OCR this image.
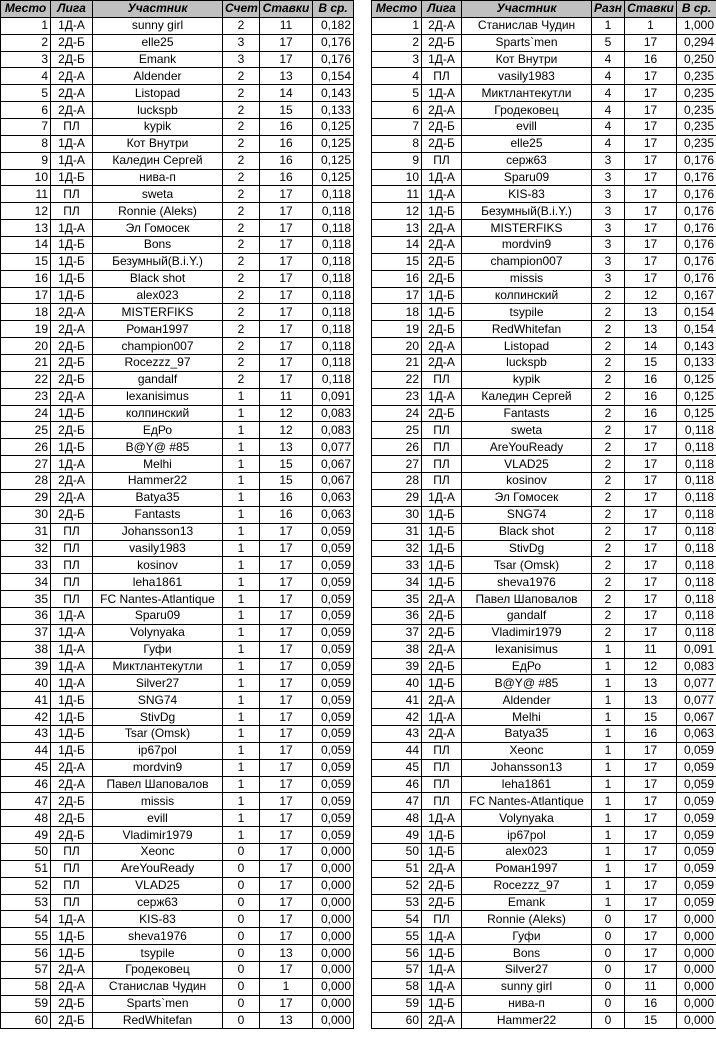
Место	Лига	Участник	Счет	Ставки	В ср.
1	1Д-А	sunny girl	2	11	0,182
2	2Д-Б	elle25	3	17	0,176
3	2Д-Б	Emank	3	17	0,176
4	2Д-А	Aldender	2	13	0,154
5	2Д-А	Listopad	2	14	0,143
6	2Д-А	luckspb	2	15	0,133
7	ПЛ	kypik	2	16	0,125
8	1Д-А	Кот Внутри	2	16	0,125
9	1Д-А	Каледин Сергей	2	16	0,125
10	1Д-Б	нива-п	2	16	0,125
11	ПЛ	sweta	2	17	0,118
12	ПЛ	Ronnie (Aleks)	2	17	0,118
13	1Д-А	Эл Гомосек	2	17	0,118
14	1Д-Б	Bons	2	17	0,118
15	1Д-Б	Безумный(B.i.Y.)	2	17	0,118
16	1Д-Б	Black shot	2	17	0,118
17	1Д-Б	alex023	2	17	0,118
18	2Д-А	MISTERFIKS	2	17	0,118
19	2Д-А	Роман1997	2	17	0,118
20	2Д-Б	champion007	2	17	0,118
21	2Д-Б	Rocezzz_97	2	17	0,118
22	2Д-Б	gandalf	2	17	0,118
23	2Д-А	lexanisimus	1	11	0,091
24	1Д-Б	колпинский	1	12	0,083
25	2Д-Б	ЕдРо	1	12	0,083
26	1Д-Б	B@Y@ #85	1	13	0,077
27	1Д-А	Melhi	1	15	0,067
28	2Д-А	Hammer22	1	15	0,067
29	2Д-А	Batya35	1	16	0,063
30	2Д-Б	Fantasts	1	16	0,063
31	ПЛ	Johansson13	1	17	0,059
32	ПЛ	vasily1983	1	17	0,059
33	ПЛ	kosinov	1	17	0,059
34	ПЛ	leha1861	1	17	0,059
35	ПЛ	FC Nantes-Atlantique	1	17	0,059
36	1Д-А	Sparu09	1	17	0,059
37	1Д-А	Volynyaka	1	17	0,059
38	1Д-А	Гуфи	1	17	0,059
39	1Д-А	Миктлантекутли	1	17	0,059
40	1Д-А	Silver27	1	17	0,059
41	1Д-Б	SNG74	1	17	0,059
42	1Д-Б	StivDg	1	17	0,059
43	1Д-Б	Tsar (Omsk)	1	17	0,059
44	1Д-Б	ip67pol	1	17	0,059
45	2Д-А	mordvin9	1	17	0,059
46	2Д-А	Павел Шаповалов	1	17	0,059
47	2Д-Б	missis	1	17	0,059
48	2Д-Б	evill	1	17	0,059
49	2Д-Б	Vladimir1979	1	17	0,059
50	ПЛ	Xeonc	0	17	0,000
51	ПЛ	AreYouReady	0	17	0,000
52	ПЛ	VLAD25	0	17	0,000
53	ПЛ	серж63	0	17	0,000
54	1Д-А	KIS-83	0	17	0,000
55	1Д-Б	sheva1976	0	17	0,000
56	1Д-Б	tsypile	0	13	0,000
57	2Д-А	Гродековец	0	17	0,000
58	2Д-А	Станислав Чудин	0	1	0,000
59	2Д-Б	Sparts`men	0	17	0,000
60	2Д-Б	RedWhitefan	0	13	0,000
Место	Лига	Участник	Разн	Ставки	В ср.
1	2Д-А	Станислав Чудин	1	1	1,000
2	2Д-Б	Sparts`men	5	17	0,294
3	1Д-А	Кот Внутри	4	16	0,250
4	ПЛ	vasily1983	4	17	0,235
5	1Д-А	Миктлантекутли	4	17	0,235
6	2Д-А	Гродековец	4	17	0,235
7	2Д-Б	evill	4	17	0,235
8	2Д-Б	elle25	4	17	0,235
9	ПЛ	серж63	3	17	0,176
10	1Д-А	Sparu09	3	17	0,176
11	1Д-А	KIS-83	3	17	0,176
12	1Д-Б	Безумный(B.i.Y.)	3	17	0,176
13	2Д-А	MISTERFIKS	3	17	0,176
14	2Д-А	mordvin9	3	17	0,176
15	2Д-Б	champion007	3	17	0,176
16	2Д-Б	missis	3	17	0,176
17	1Д-Б	колпинский	2	12	0,167
18	1Д-Б	tsypile	2	13	0,154
19	2Д-Б	RedWhitefan	2	13	0,154
20	2Д-А	Listopad	2	14	0,143
21	2Д-А	luckspb	2	15	0,133
22	ПЛ	kypik	2	16	0,125
23	1Д-А	Каледин Сергей	2	16	0,125
24	2Д-Б	Fantasts	2	16	0,125
25	ПЛ	sweta	2	17	0,118
26	ПЛ	AreYouReady	2	17	0,118
27	ПЛ	VLAD25	2	17	0,118
28	ПЛ	kosinov	2	17	0,118
29	1Д-А	Эл Гомосек	2	17	0,118
30	1Д-Б	SNG74	2	17	0,118
31	1Д-Б	Black shot	2	17	0,118
32	1Д-Б	StivDg	2	17	0,118
33	1Д-Б	Tsar (Omsk)	2	17	0,118
34	1Д-Б	sheva1976	2	17	0,118
35	2Д-А	Павел Шаповалов	2	17	0,118
36	2Д-Б	gandalf	2	17	0,118
37	2Д-Б	Vladimir1979	2	17	0,118
38	2Д-А	lexanisimus	1	11	0,091
39	2Д-Б	ЕдРо	1	12	0,083
40	1Д-Б	B@Y@ #85	1	13	0,077
41	2Д-А	Aldender	1	13	0,077
42	1Д-А	Melhi	1	15	0,067
43	2Д-А	Batya35	1	16	0,063
44	ПЛ	Xeonc	1	17	0,059
45	ПЛ	Johansson13	1	17	0,059
46	ПЛ	leha1861	1	17	0,059
47	ПЛ	FC Nantes-Atlantique	1	17	0,059
48	1Д-А	Volynyaka	1	17	0,059
49	1Д-Б	ip67pol	1	17	0,059
50	1Д-Б	alex023	1	17	0,059
51	2Д-А	Роман1997	1	17	0,059
52	2Д-Б	Rocezzz_97	1	17	0,059
53	2Д-Б	Emank	1	17	0,059
54	ПЛ	Ronnie (Aleks)	0	17	0,000
55	1Д-А	Гуфи	0	17	0,000
56	1Д-Б	Bons	0	17	0,000
57	1Д-А	Silver27	0	17	0,000
58	1Д-А	sunny girl	0	11	0,000
59	1Д-Б	нива-п	0	16	0,000
60	2Д-А	Hammer22	0	15	0,000
